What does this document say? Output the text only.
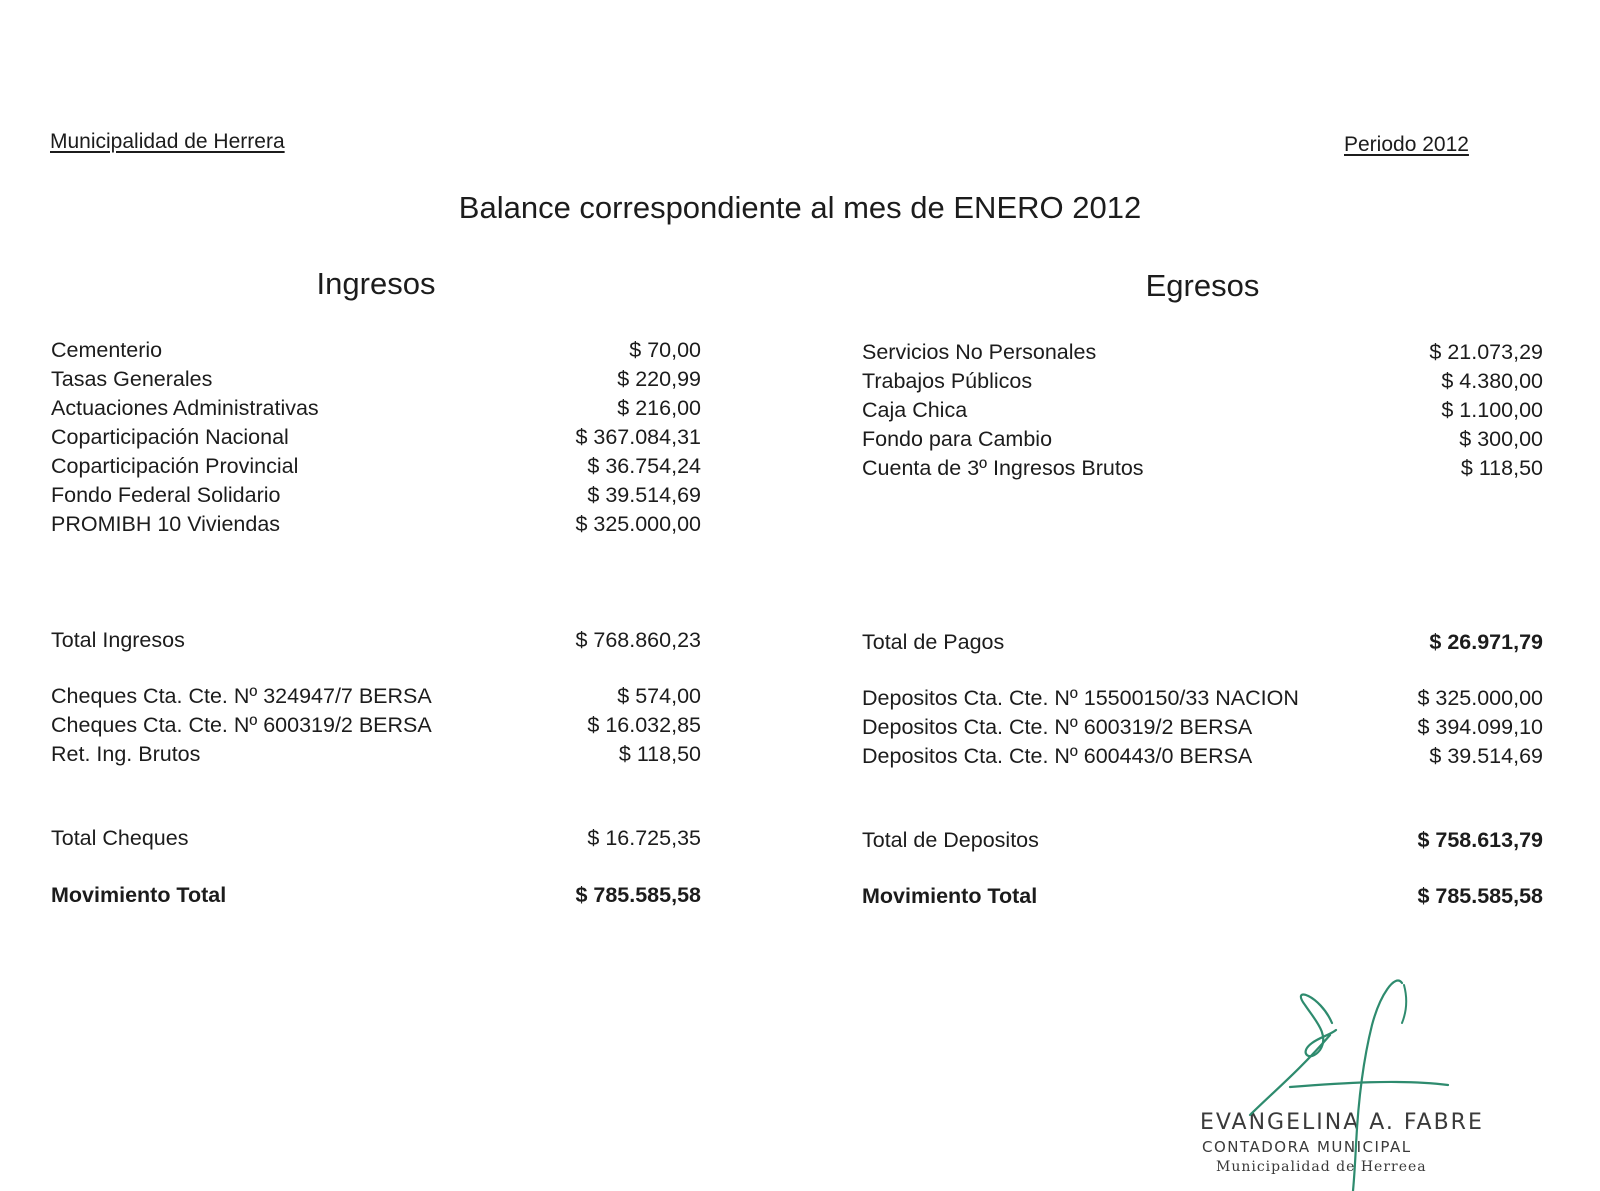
Municipalidad de Herrera	Periodo 2012
Balance correspondiente al mes de ENERO 2012
Ingresos	Egresos
Cementerio	$ 70,00
Tasas Generales	$ 220,99
Actuaciones Administrativas	$ 216,00
Coparticipación Nacional	$ 367.084,31
Coparticipación Provincial	$ 36.754,24
Fondo Federal Solidario	$ 39.514,69
PROMIBH 10 Viviendas	$ 325.000,00
Servicios No Personales	$ 21.073,29
Trabajos Públicos	$ 4.380,00
Caja Chica	$ 1.100,00
Fondo para Cambio	$ 300,00
Cuenta de 3º Ingresos Brutos	$ 118,50
Total Ingresos	$ 768.860,23	Total de Pagos	$ 26.971,79
Cheques Cta. Cte. Nº 324947/7 BERSA	$ 574,00
Cheques Cta. Cte. Nº 600319/2 BERSA	$ 16.032,85
Ret. Ing. Brutos	$ 118,50
Depositos Cta. Cte. Nº 15500150/33 NACION	$ 325.000,00
Depositos Cta. Cte. Nº 600319/2 BERSA	$ 394.099,10
Depositos Cta. Cte. Nº 600443/0 BERSA	$ 39.514,69
Total Cheques	$ 16.725,35	Total de Depositos	$ 758.613,79
Movimiento Total	$ 785.585,58	Movimiento Total	$ 785.585,58
EVANGELINA A. FABRE
CONTADORA MUNICIPAL
Municipalidad de Herreea
